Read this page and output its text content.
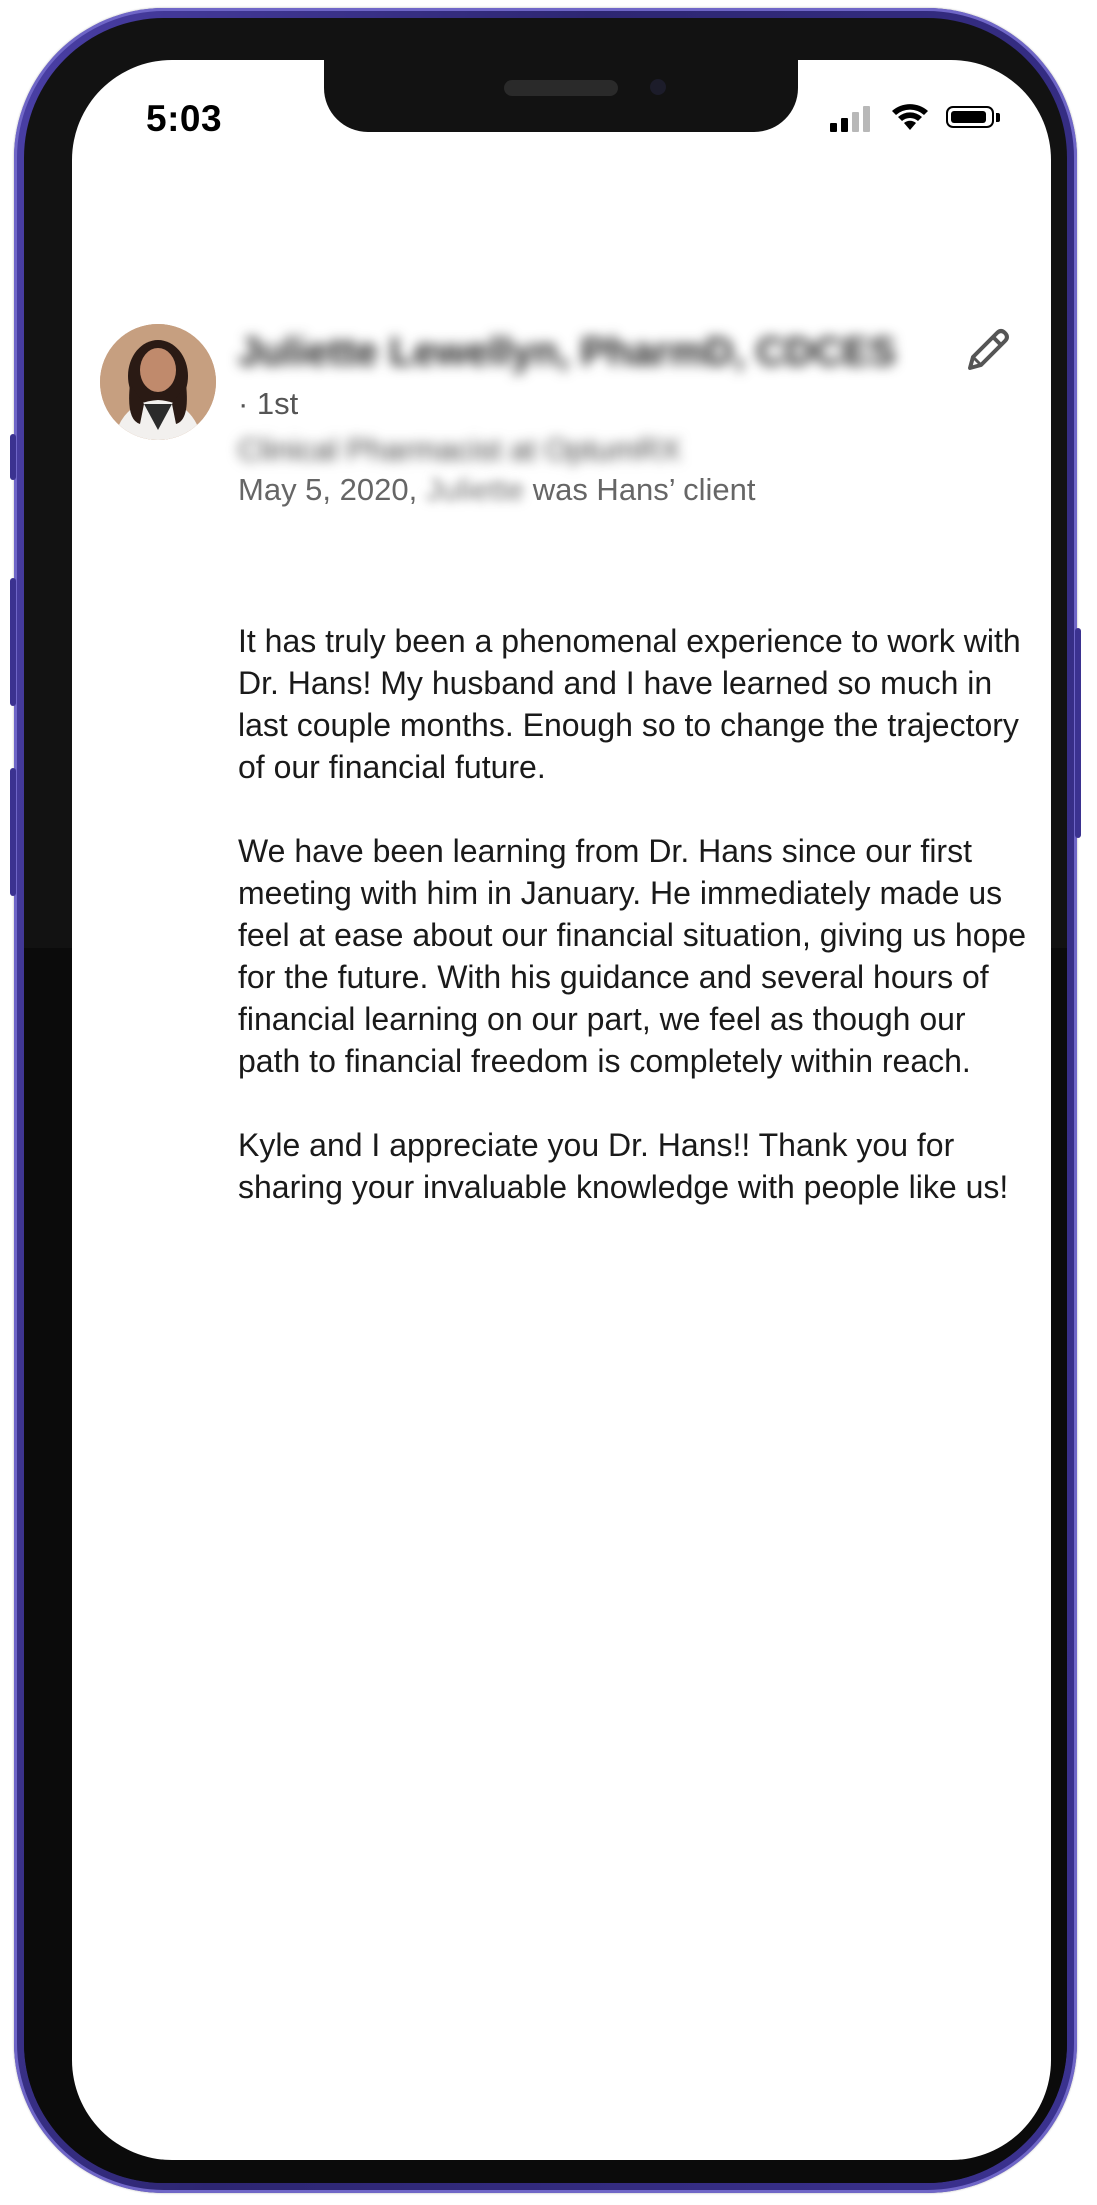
5:03
Juliette Lewellyn, PharmD, CDCES
· 1st
Clinical Pharmacist at OptumRX
May 5, 2020, Juliette was Hans’ client

It has truly been a phenomenal experience to work with Dr. Hans! My husband and I have learned so much in last couple months. Enough so to change the trajectory of our financial future.

We have been learning from Dr. Hans since our first meeting with him in January. He immediately made us feel at ease about our financial situation, giving us hope for the future. With his guidance and several hours of financial learning on our part, we feel as though our path to financial freedom is completely within reach.

Kyle and I appreciate you Dr. Hans!! Thank you for sharing your invaluable knowledge with people like us!
